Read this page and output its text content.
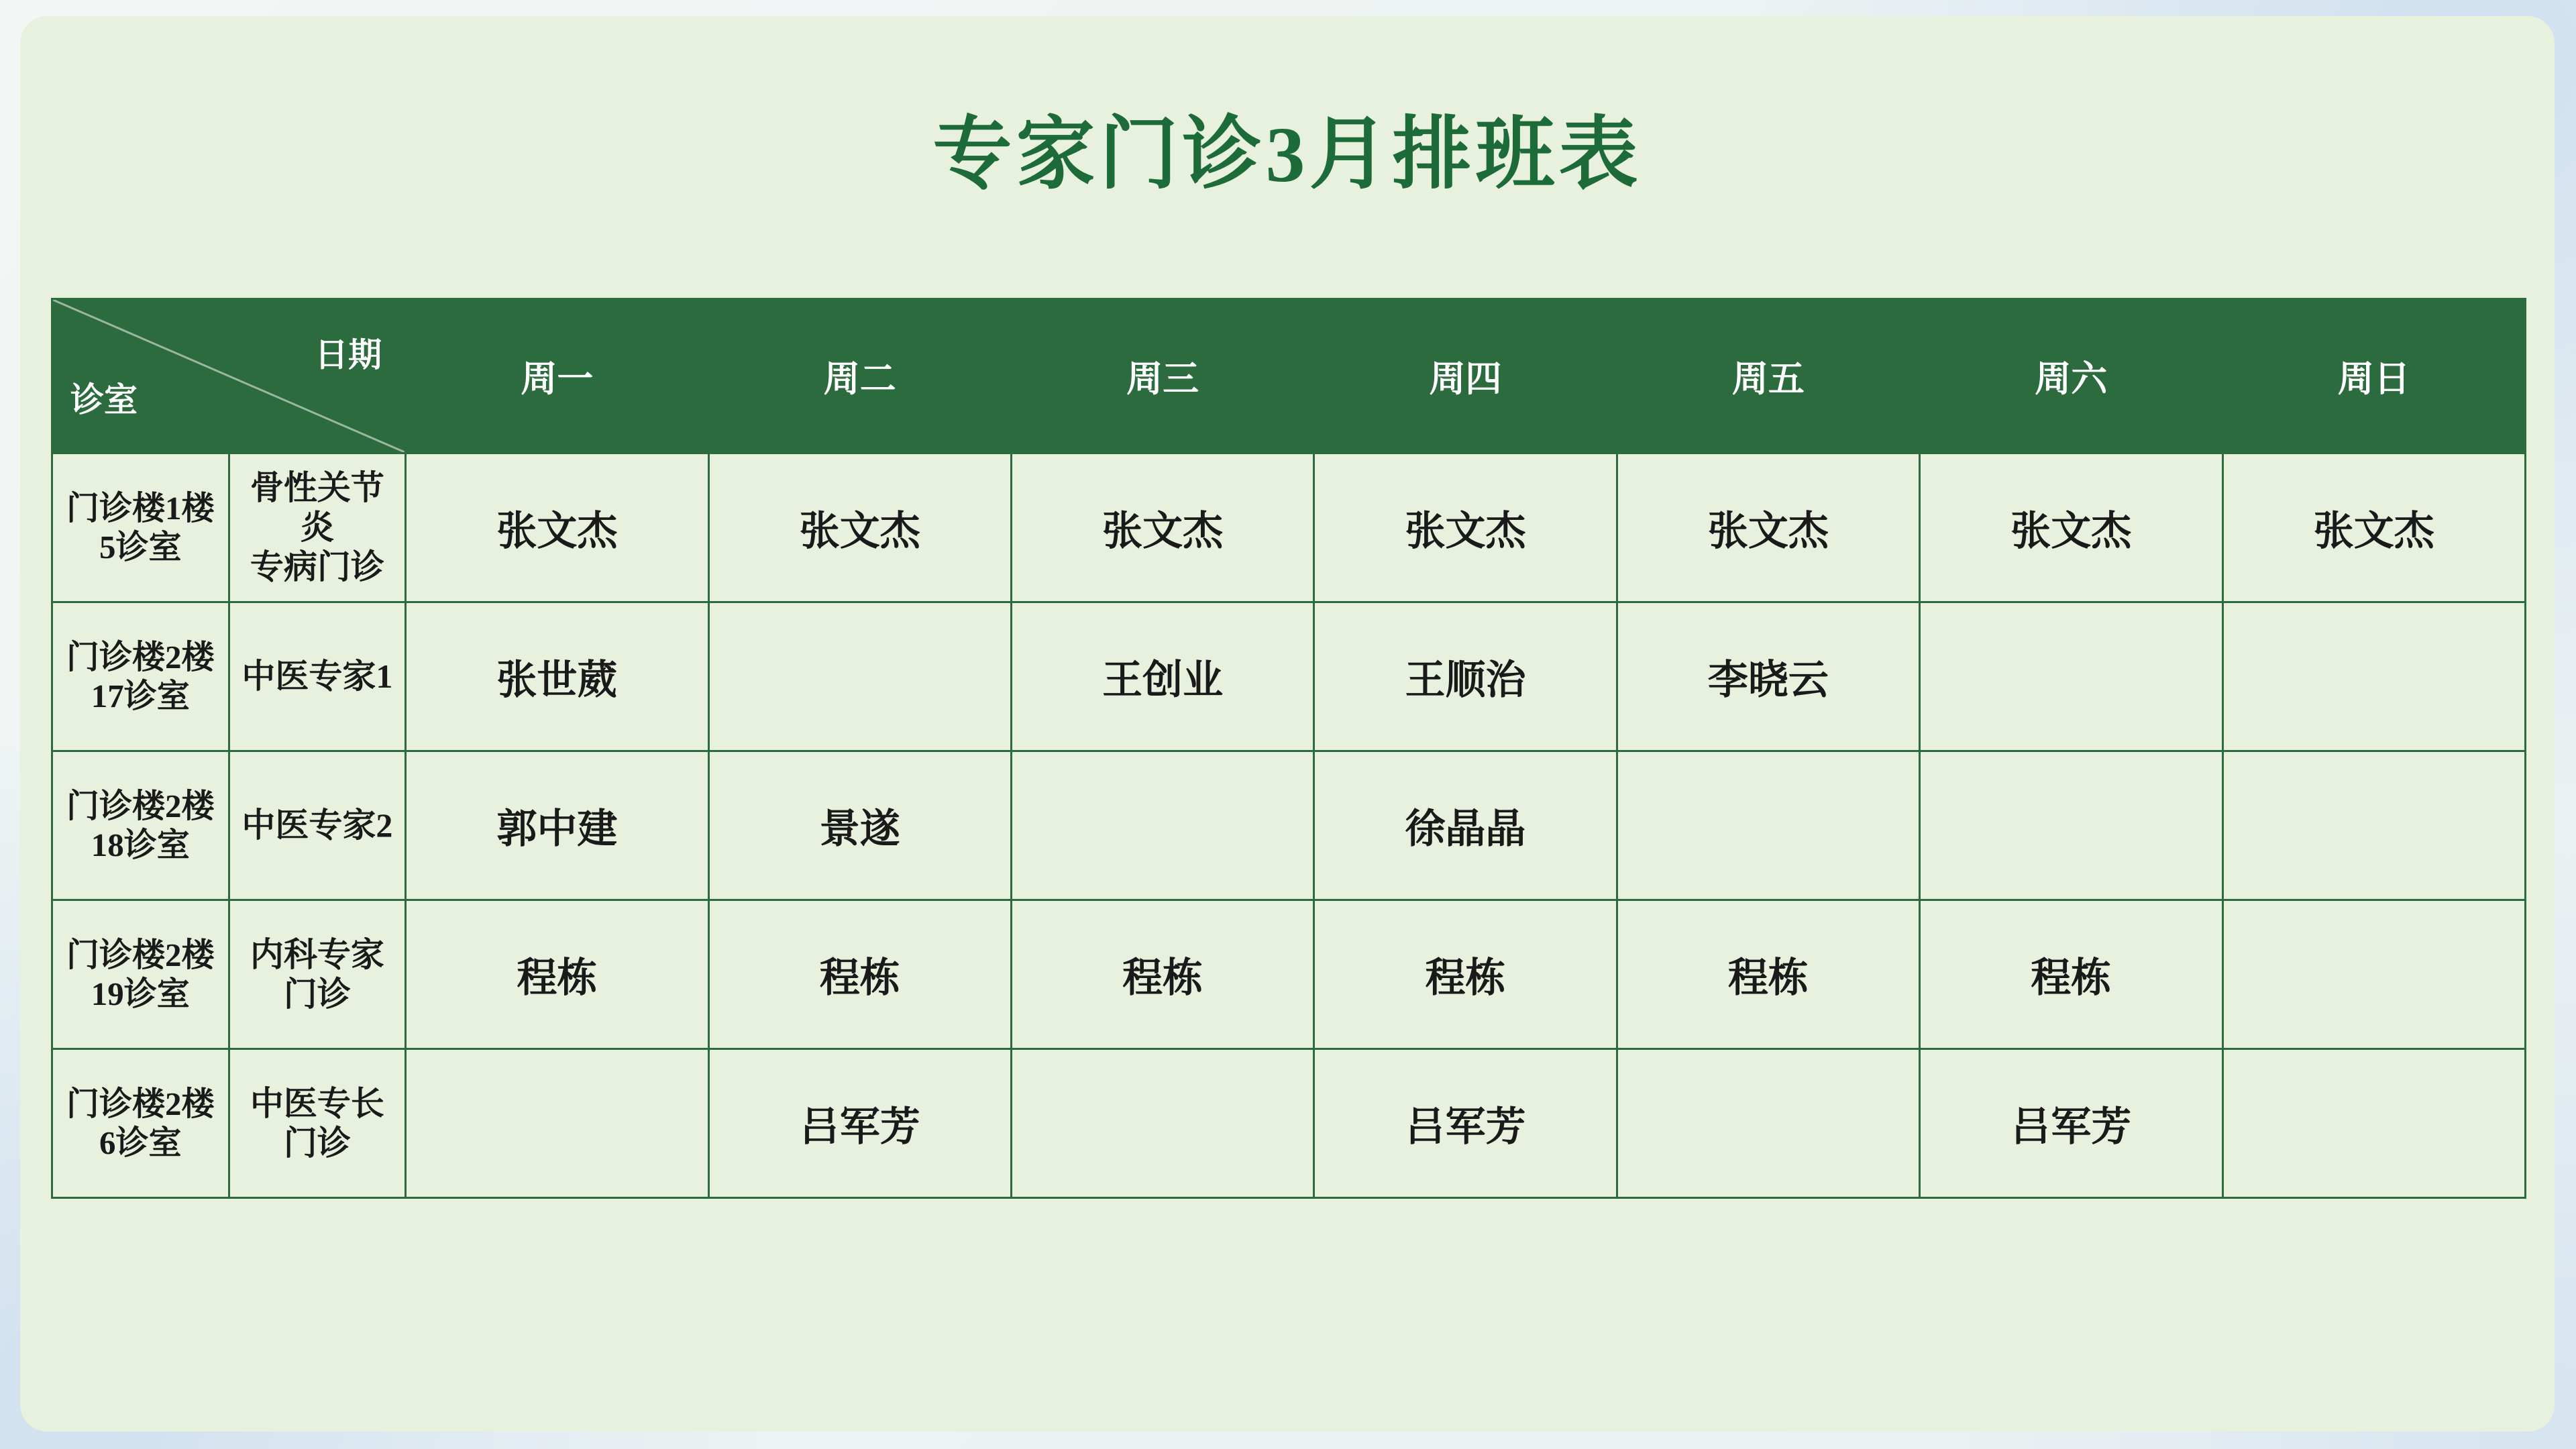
专家门诊3月排班表
诊室
日期		周一	周二	周三	周四	周五	周六	周日

门诊楼1楼
5诊室	骨性关节炎
专病门诊	张文杰	张文杰	张文杰	张文杰	张文杰	张文杰	张文杰

门诊楼2楼
17诊室	中医专家1	张世葳		王创业	王顺治	李晓云		

门诊楼2楼
18诊室	中医专家2	郭中建	景遂		徐晶晶			

门诊楼2楼
19诊室	内科专家门诊	程栋	程栋	程栋	程栋	程栋	程栋	

门诊楼2楼
6诊室	中医专长门诊		吕军芳		吕军芳		吕军芳	
